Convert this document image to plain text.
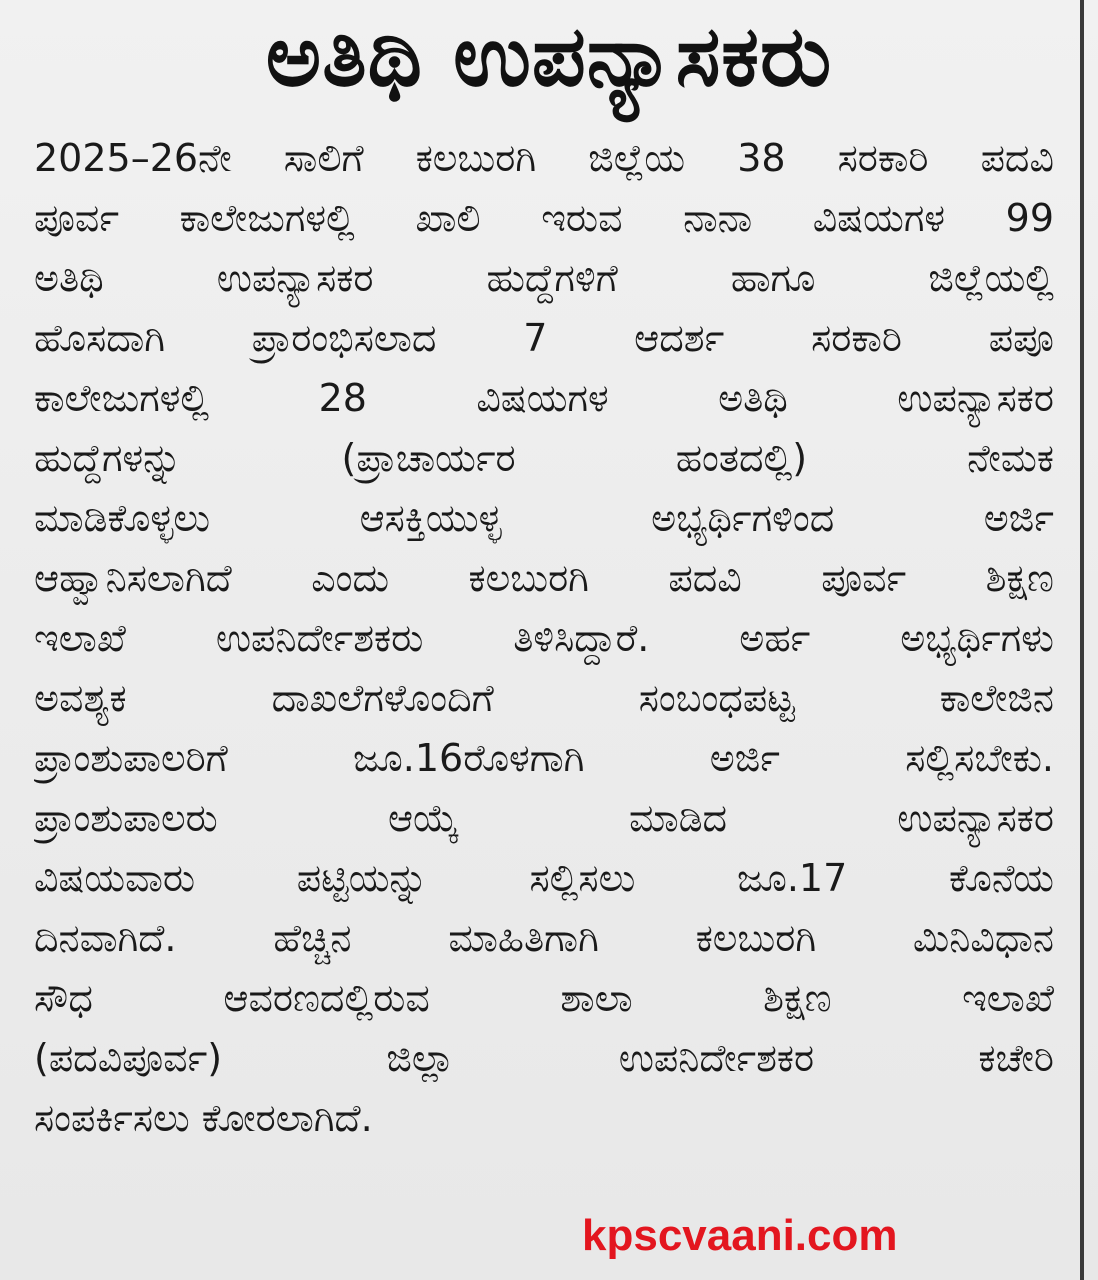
ಅತಿಥಿ ಉಪನ್ಯಾಸಕರು
2025–26ನೇ ಸಾಲಿಗೆ ಕಲಬುರಗಿ ಜಿಲ್ಲೆಯ 38 ಸರಕಾರಿ ಪದವಿ
ಪೂರ್ವ ಕಾಲೇಜುಗಳಲ್ಲಿ ಖಾಲಿ ಇರುವ ನಾನಾ ವಿಷಯಗಳ 99
ಅತಿಥಿ ಉಪನ್ಯಾಸಕರ ಹುದ್ದೆಗಳಿಗೆ ಹಾಗೂ ಜಿಲ್ಲೆಯಲ್ಲಿ
ಹೊಸದಾಗಿ ಪ್ರಾರಂಭಿಸಲಾದ 7 ಆದರ್ಶ ಸರಕಾರಿ ಪಪೂ
ಕಾಲೇಜುಗಳಲ್ಲಿ 28 ವಿಷಯಗಳ ಅತಿಥಿ ಉಪನ್ಯಾಸಕರ
ಹುದ್ದೆಗಳನ್ನು (ಪ್ರಾಚಾರ್ಯರ ಹಂತದಲ್ಲಿ) ನೇಮಕ
ಮಾಡಿಕೊಳ್ಳಲು ಆಸಕ್ತಿಯುಳ್ಳ ಅಭ್ಯರ್ಥಿಗಳಿಂದ ಅರ್ಜಿ
ಆಹ್ವಾನಿಸಲಾಗಿದೆ ಎಂದು ಕಲಬುರಗಿ ಪದವಿ ಪೂರ್ವ ಶಿಕ್ಷಣ
ಇಲಾಖೆ ಉಪನಿರ್ದೇಶಕರು ತಿಳಿಸಿದ್ದಾರೆ. ಅರ್ಹ ಅಭ್ಯರ್ಥಿಗಳು
ಅವಶ್ಯಕ ದಾಖಲೆಗಳೊಂದಿಗೆ ಸಂಬಂಧಪಟ್ಟ ಕಾಲೇಜಿನ
ಪ್ರಾಂಶುಪಾಲರಿಗೆ ಜೂ.16ರೊಳಗಾಗಿ ಅರ್ಜಿ ಸಲ್ಲಿಸಬೇಕು.
ಪ್ರಾಂಶುಪಾಲರು ಆಯ್ಕೆ ಮಾಡಿದ ಉಪನ್ಯಾಸಕರ
ವಿಷಯವಾರು ಪಟ್ಟಿಯನ್ನು ಸಲ್ಲಿಸಲು ಜೂ.17 ಕೊನೆಯ
ದಿನವಾಗಿದೆ. ಹೆಚ್ಚಿನ ಮಾಹಿತಿಗಾಗಿ ಕಲಬುರಗಿ ಮಿನಿವಿಧಾನ
ಸೌಧ ಆವರಣದಲ್ಲಿರುವ ಶಾಲಾ ಶಿಕ್ಷಣ ಇಲಾಖೆ
(ಪದವಿಪೂರ್ವ) ಜಿಲ್ಲಾ ಉಪನಿರ್ದೇಶಕರ ಕಚೇರಿ
ಸಂಪರ್ಕಿಸಲು ಕೋರಲಾಗಿದೆ.
kpscvaani.com
